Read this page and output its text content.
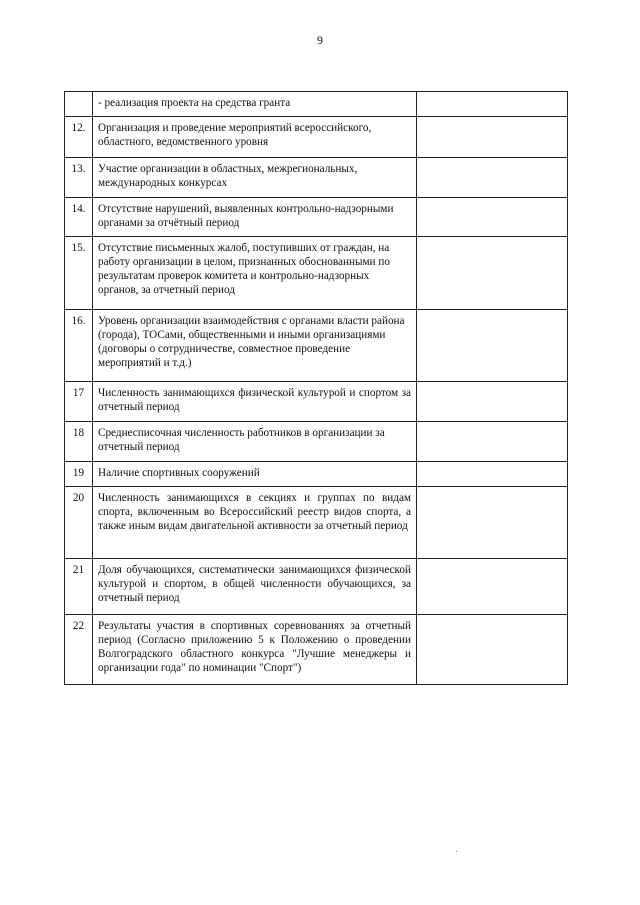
9
	- реализация проекта на средства гранта	
12.	Организация и проведение мероприятий всероссийского, областного, ведомственного уровня	
13.	Участие организации в областных, межрегиональных, международных конкурсах	
14.	Отсутствие нарушений, выявленных контрольно-надзорными органами за отчётный период	
15.	Отсутствие письменных жалоб, поступивших от граждан, на работу организации в целом, признанных обоснованными по результатам проверок комитета и контрольно-надзорных органов, за отчетный период	
16.	Уровень организации взаимодействия с органами власти района (города), ТОСами, общественными и иными организациями (договоры о сотрудничестве, совместное проведение мероприятий и т.д.)	
17	Численность занимающихся физической культурой и спортом за отчетный период	
18	Среднесписочная численность работников в организации за отчетный период	
19	Наличие спортивных сооружений	
20	Численность занимающихся в секциях и группах по видам спорта, включенным во Всероссийский реестр видов спорта, а также иным видам двигательной активности за отчетный период	
21	Доля обучающихся, систематически занимающихся физической культурой и спортом, в общей численности обучающихся, за отчетный период	
22	Результаты участия в спортивных соревнованиях за отчетный период (Согласно приложению 5 к Положению о проведении Волгоградского областного конкурса "Лучшие менеджеры и организации года" по номинации "Спорт")	
